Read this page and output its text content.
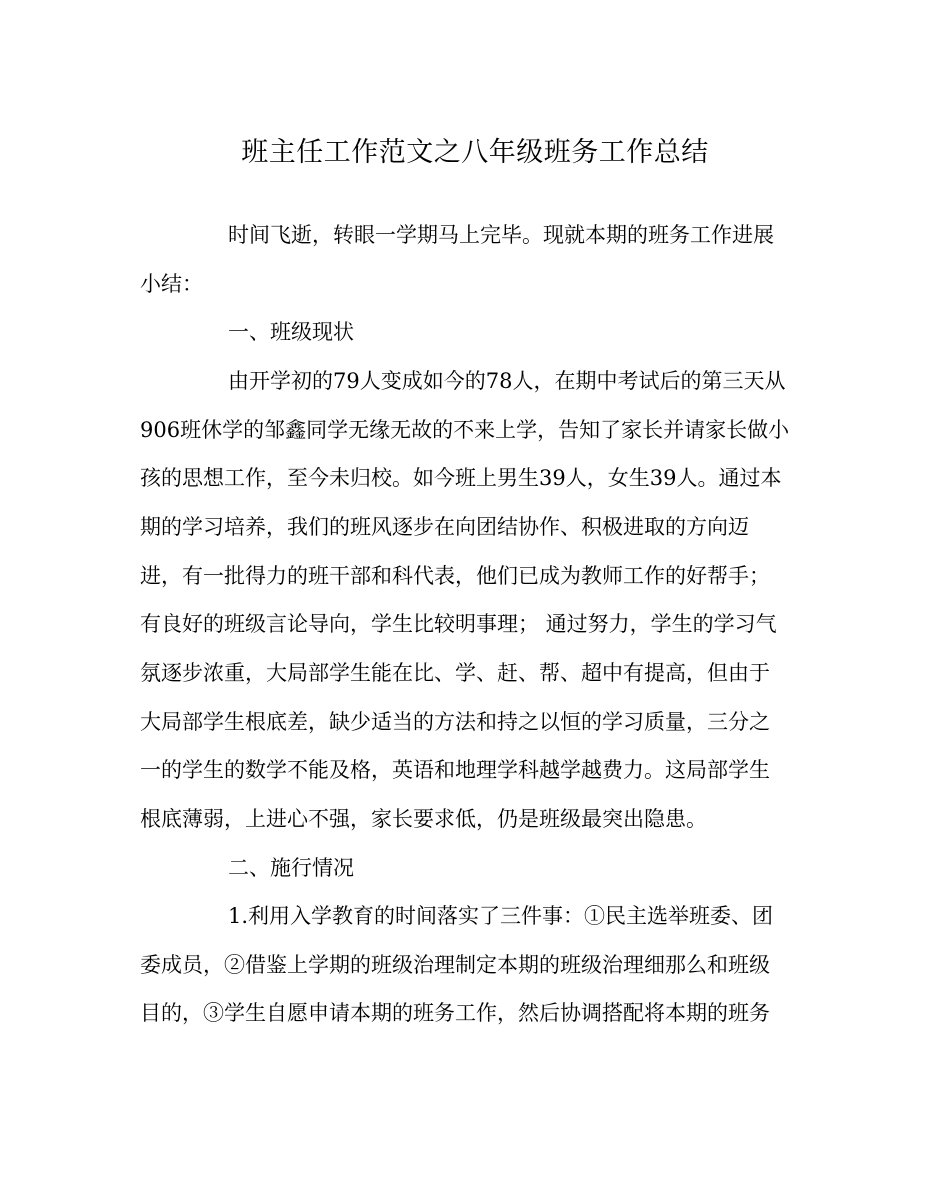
班主任工作范文之八年级班务工作总结

时间飞逝，转眼一学期马上完毕。现就本期的班务工作进展

小结：

一、班级现状

由开学初的79人变成如今的78人，在期中考试后的第三天从

906班休学的邹鑫同学无缘无故的不来上学，告知了家长并请家长做小

孩的思想工作，至今未归校。如今班上男生39人，女生39人。通过本

期的学习培养，我们的班风逐步在向团结协作、积极进取的方向迈

进，有一批得力的班干部和科代表，他们已成为教师工作的好帮手；

有良好的班级言论导向，学生比较明事理； 通过努力，学生的学习气

氛逐步浓重，大局部学生能在比、学、赶、帮、超中有提高，但由于

大局部学生根底差，缺少适当的方法和持之以恒的学习质量，三分之

一的学生的数学不能及格，英语和地理学科越学越费力。这局部学生

根底薄弱，上进心不强，家长要求低，仍是班级最突出隐患。

二、施行情况

1.利用入学教育的时间落实了三件事：①民主选举班委、团

委成员，②借鉴上学期的班级治理制定本期的班级治理细那么和班级

目的，③学生自愿申请本期的班务工作，然后协调搭配将本期的班务
